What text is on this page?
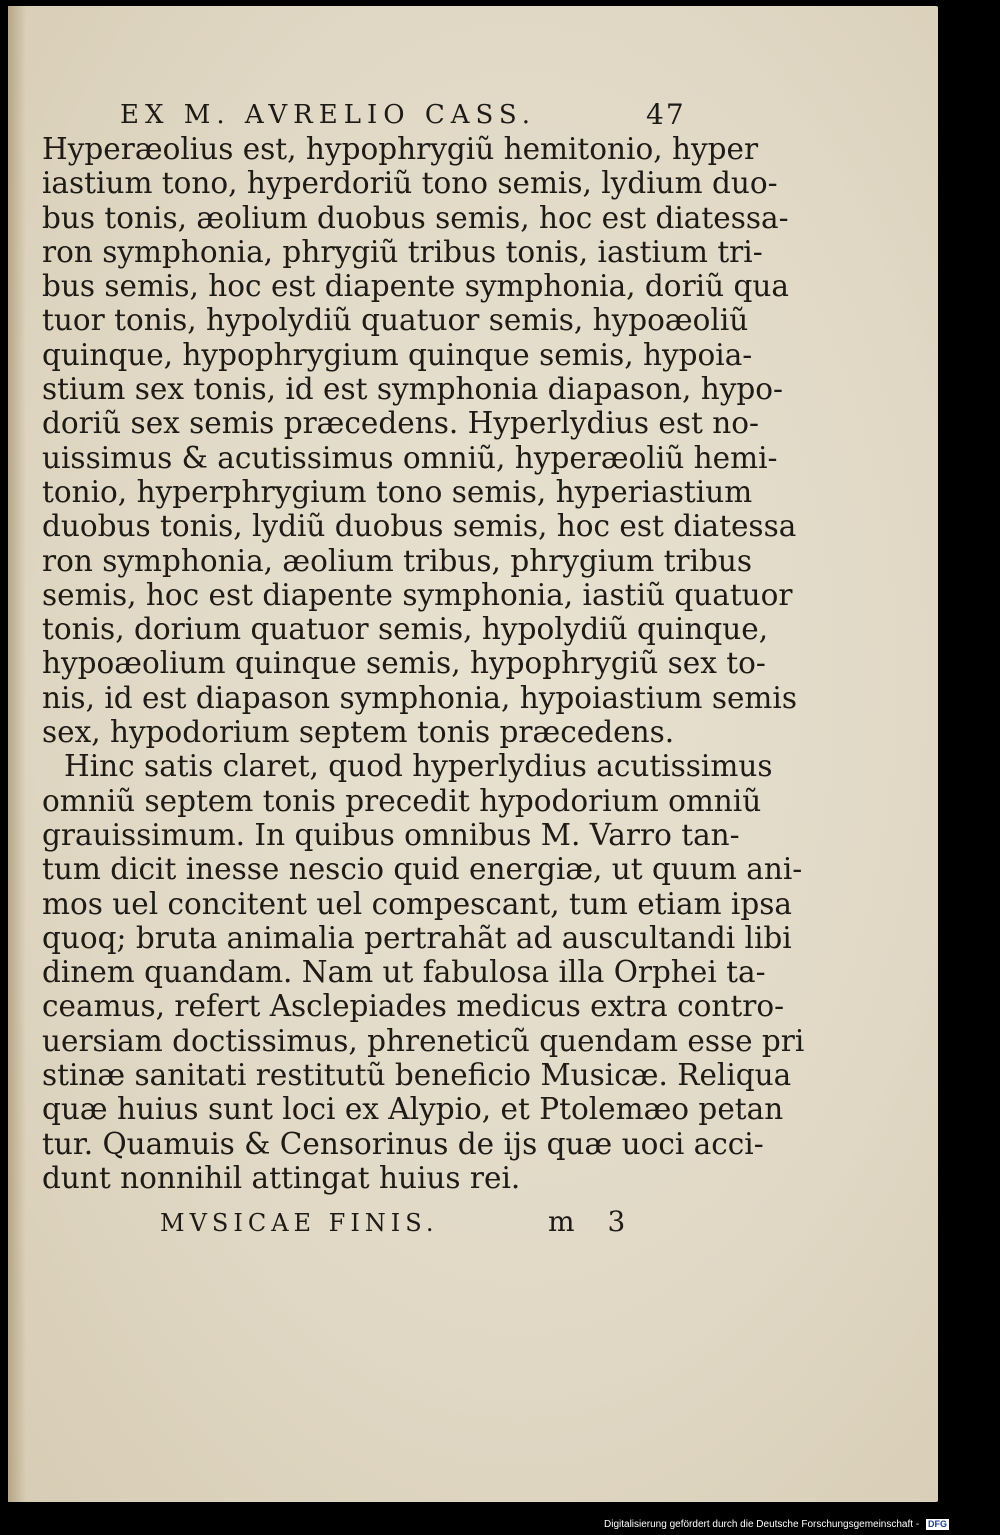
EX M. AVRELIO CASS.	47
Hyperæolius est, hypophrygiũ hemitonio, hyper
iastium tono, hyperdoriũ tono semis, lydium duo-
bus tonis, æolium duobus semis, hoc est diatessa-
ron symphonia, phrygiũ tribus tonis, iastium tri-
bus semis, hoc est diapente symphonia, doriũ qua
tuor tonis, hypolydiũ quatuor semis, hypoæoliũ
quinque, hypophrygium quinque semis, hypoia-
stium sex tonis, id est symphonia diapason, hypo-
doriũ sex semis præcedens. Hyperlydius est no-
uissimus & acutissimus omniũ, hyperæoliũ hemi-
tonio, hyperphrygium tono semis, hyperiastium
duobus tonis, lydiũ duobus semis, hoc est diatessa
ron symphonia, æolium tribus, phrygium tribus
semis, hoc est diapente symphonia, iastiũ quatuor
tonis, dorium quatuor semis, hypolydiũ quinque,
hypoæolium quinque semis, hypophrygiũ sex to-
nis, id est diapason symphonia, hypoiastium semis
sex, hypodorium septem tonis præcedens.
Hinc satis claret, quod hyperlydius acutissimus
omniũ septem tonis precedit hypodorium omniũ
grauissimum. In quibus omnibus M. Varro tan-
tum dicit inesse nescio quid energiæ, ut quum ani-
mos uel concitent uel compescant, tum etiam ipsa
quoq; bruta animalia pertrahãt ad auscultandi libi
dinem quandam. Nam ut fabulosa illa Orphei ta-
ceamus, refert Asclepiades medicus extra contro-
uersiam doctissimus, phreneticũ quendam esse pri
stinæ sanitati restitutũ beneficio Musicæ. Reliqua
quæ huius sunt loci ex Alypio, et Ptolemæo petan
tur. Quamuis & Censorinus de ijs quæ uoci acci-
dunt nonnihil attingat huius rei.
MVSICAE FINIS.	m 3
Digitalisierung gefördert durch die Deutsche Forschungsgemeinschaft - DFG
